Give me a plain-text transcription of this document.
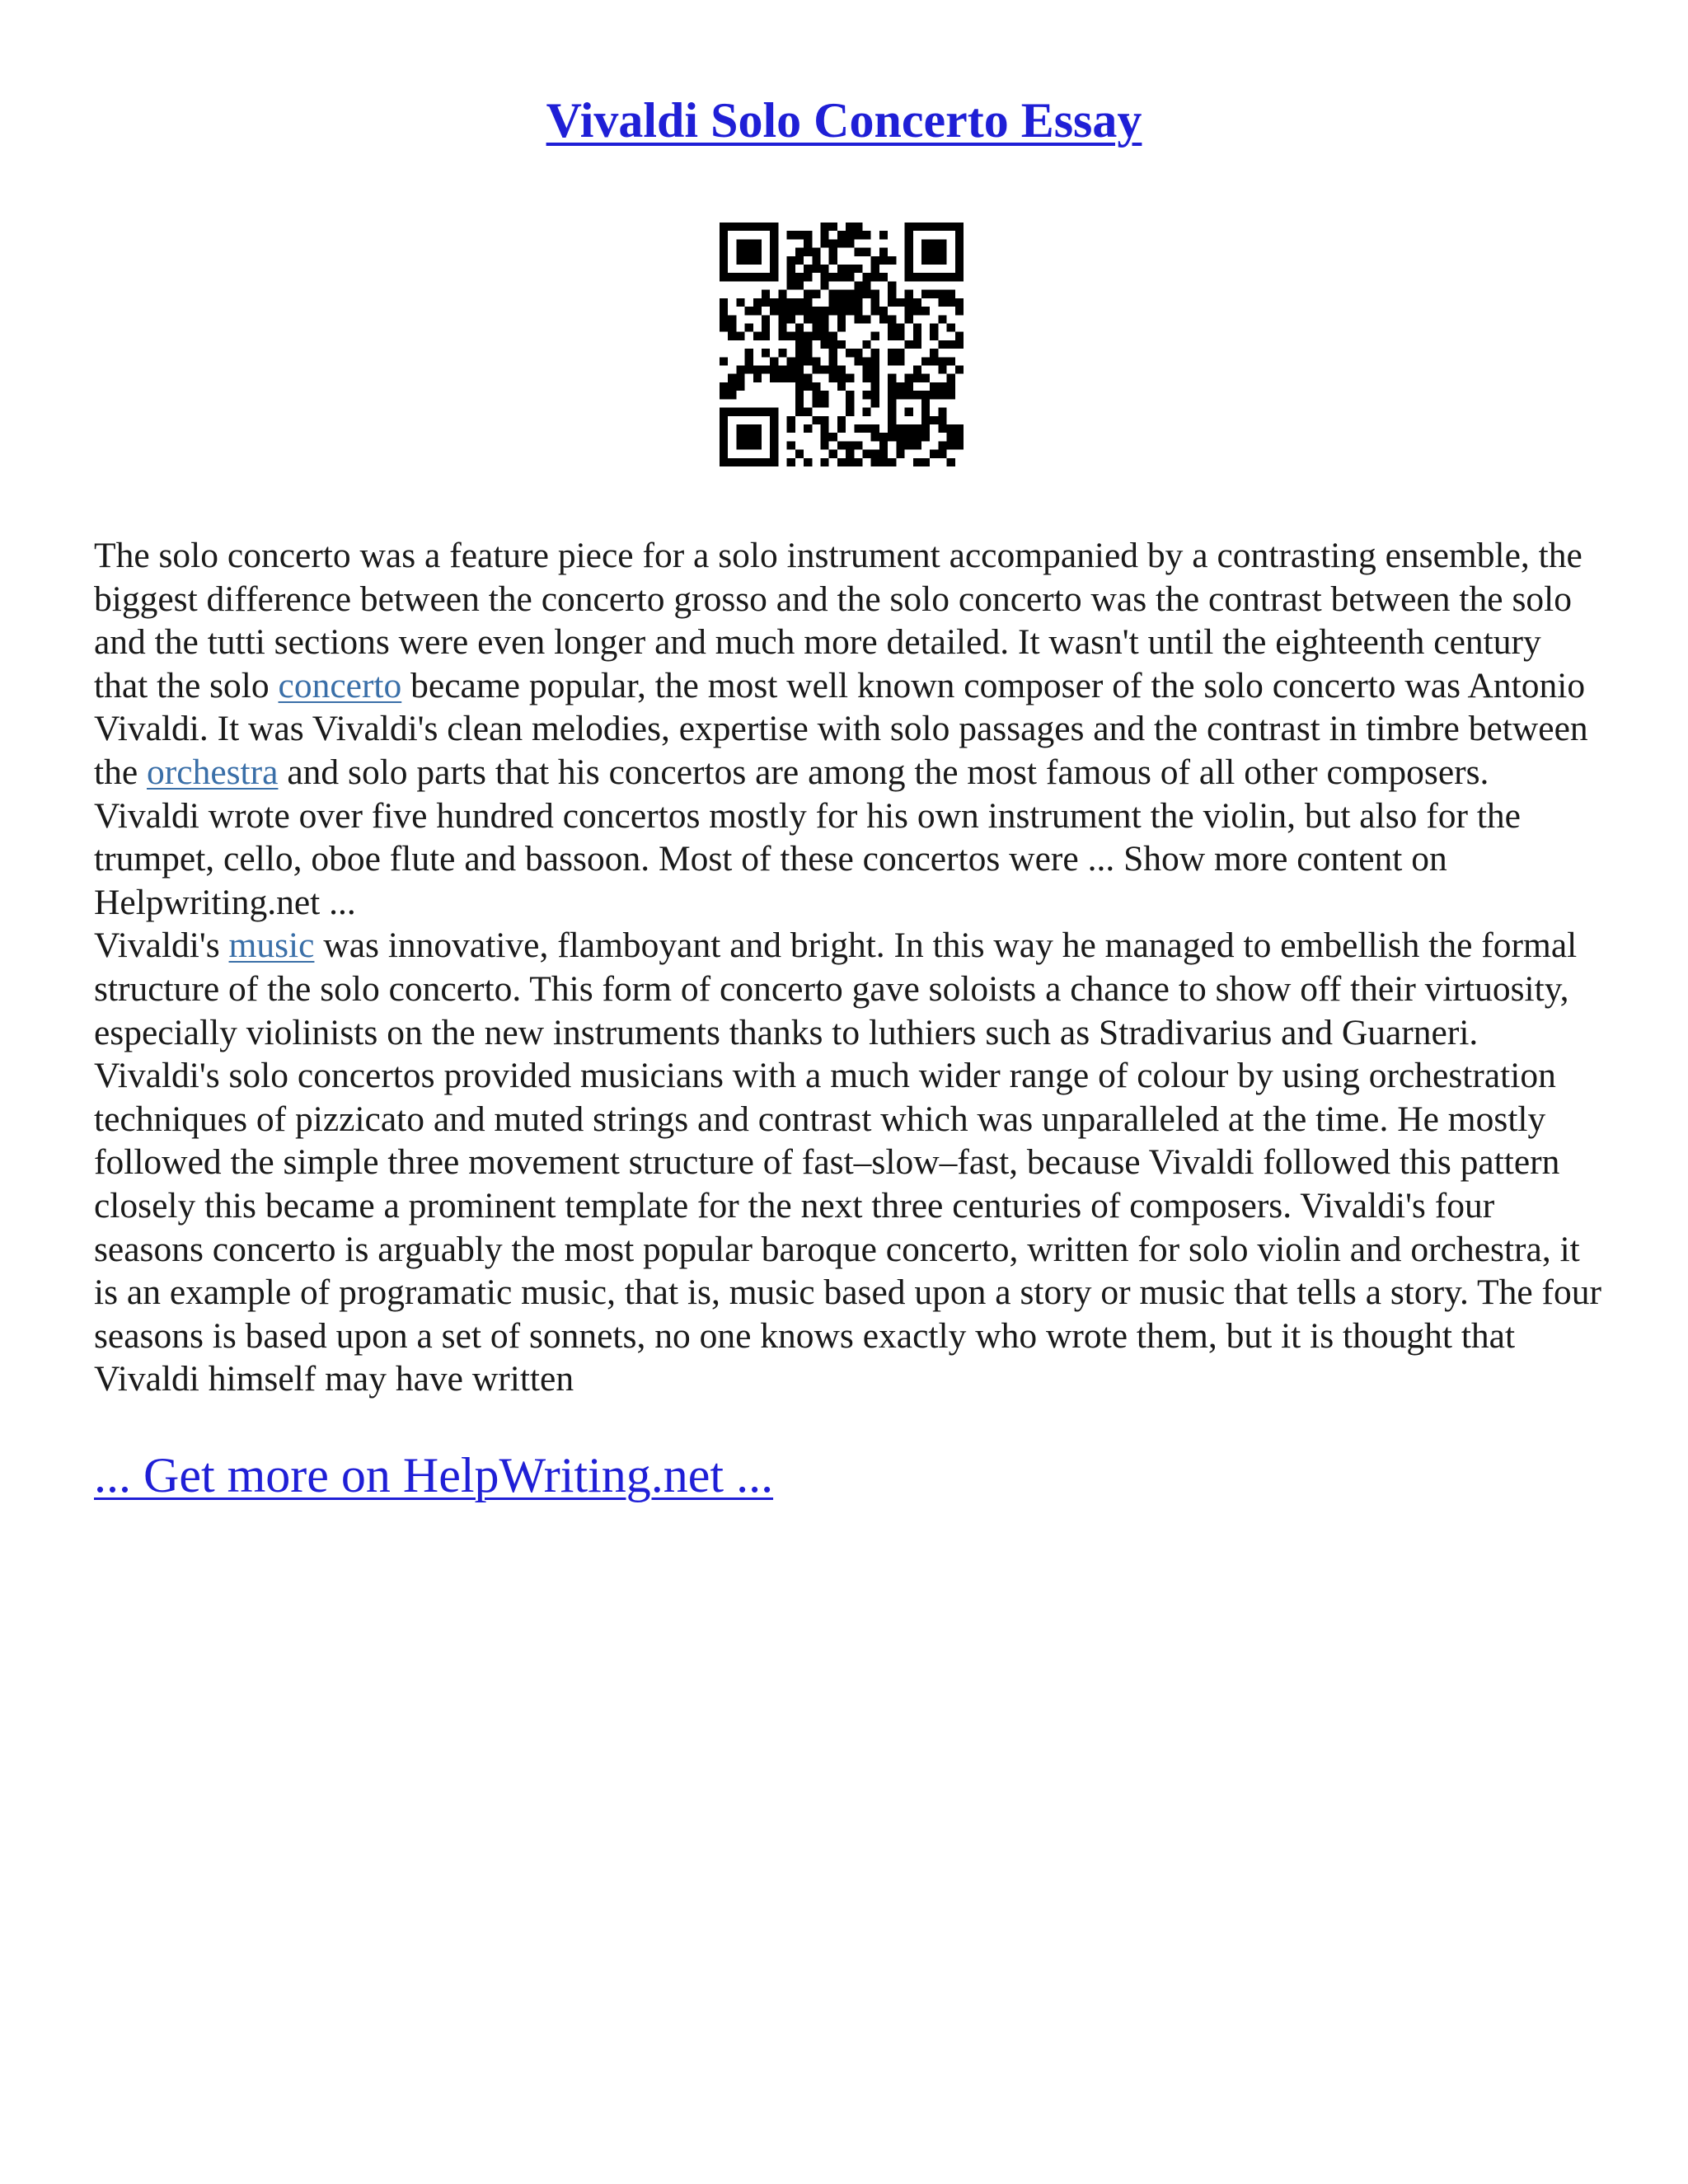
Vivaldi Solo Concerto Essay

The solo concerto was a feature piece for a solo instrument accompanied by a contrasting ensemble, the biggest difference between the concerto grosso and the solo concerto was the contrast between the solo and the tutti sections were even longer and much more detailed. It wasn't until the eighteenth century that the solo concerto became popular, the most well known composer of the solo concerto was Antonio Vivaldi. It was Vivaldi's clean melodies, expertise with solo passages and the contrast in timbre between the orchestra and solo parts that his concertos are among the most famous of all other composers. Vivaldi wrote over five hundred concertos mostly for his own instrument the violin, but also for the trumpet, cello, oboe flute and bassoon. Most of these concertos were ... Show more content on Helpwriting.net ...

Vivaldi's music was innovative, flamboyant and bright. In this way he managed to embellish the formal structure of the solo concerto. This form of concerto gave soloists a chance to show off their virtuosity, especially violinists on the new instruments thanks to luthiers such as Stradivarius and Guarneri. Vivaldi's solo concertos provided musicians with a much wider range of colour by using orchestration techniques of pizzicato and muted strings and contrast which was unparalleled at the time. He mostly followed the simple three movement structure of fast–slow–fast, because Vivaldi followed this pattern closely this became a prominent template for the next three centuries of composers. Vivaldi's four seasons concerto is arguably the most popular baroque concerto, written for solo violin and orchestra, it is an example of programatic music, that is, music based upon a story or music that tells a story. The four seasons is based upon a set of sonnets, no one knows exactly who wrote them, but it is thought that Vivaldi himself may have written

... Get more on HelpWriting.net ...
